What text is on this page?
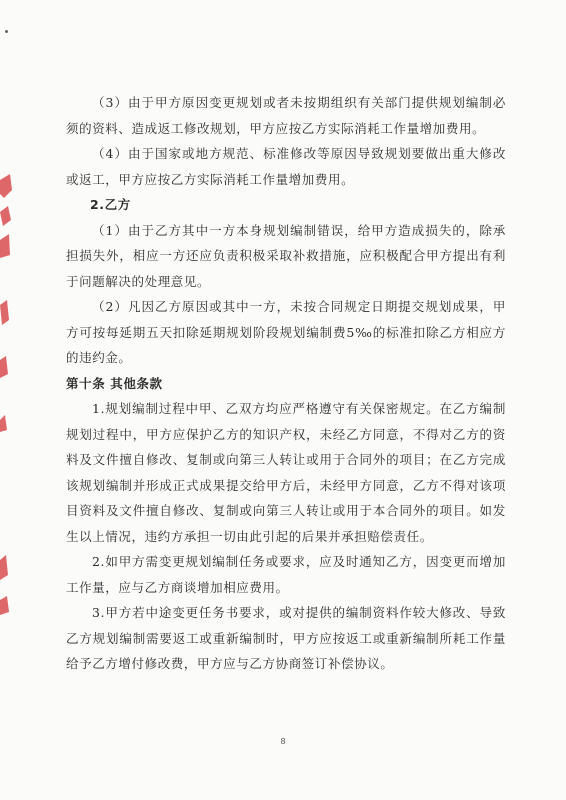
（3）由于甲方原因变更规划或者未按期组织有关部门提供规划编制必须的资料、造成返工修改规划，甲方应按乙方实际消耗工作量增加费用。

（4）由于国家或地方规范、标准修改等原因导致规划要做出重大修改或返工，甲方应按乙方实际消耗工作量增加费用。

2.乙方

（1）由于乙方其中一方本身规划编制错误，给甲方造成损失的，除承担损失外，相应一方还应负责积极采取补救措施，应积极配合甲方提出有利于问题解决的处理意见。

（2）凡因乙方原因或其中一方，未按合同规定日期提交规划成果，甲方可按每延期五天扣除延期规划阶段规划编制费5‰的标准扣除乙方相应方的违约金。

第十条 其他条款

1.规划编制过程中甲、乙双方均应严格遵守有关保密规定。在乙方编制规划过程中，甲方应保护乙方的知识产权，未经乙方同意，不得对乙方的资料及文件擅自修改、复制或向第三人转让或用于合同外的项目；在乙方完成该规划编制并形成正式成果提交给甲方后，未经甲方同意，乙方不得对该项目资料及文件擅自修改、复制或向第三人转让或用于本合同外的项目。如发生以上情况，违约方承担一切由此引起的后果并承担赔偿责任。

2.如甲方需变更规划编制任务或要求，应及时通知乙方，因变更而增加工作量，应与乙方商谈增加相应费用。

3.甲方若中途变更任务书要求，或对提供的编制资料作较大修改、导致乙方规划编制需要返工或重新编制时，甲方应按返工或重新编制所耗工作量给予乙方增付修改费，甲方应与乙方协商签订补偿协议。

8
